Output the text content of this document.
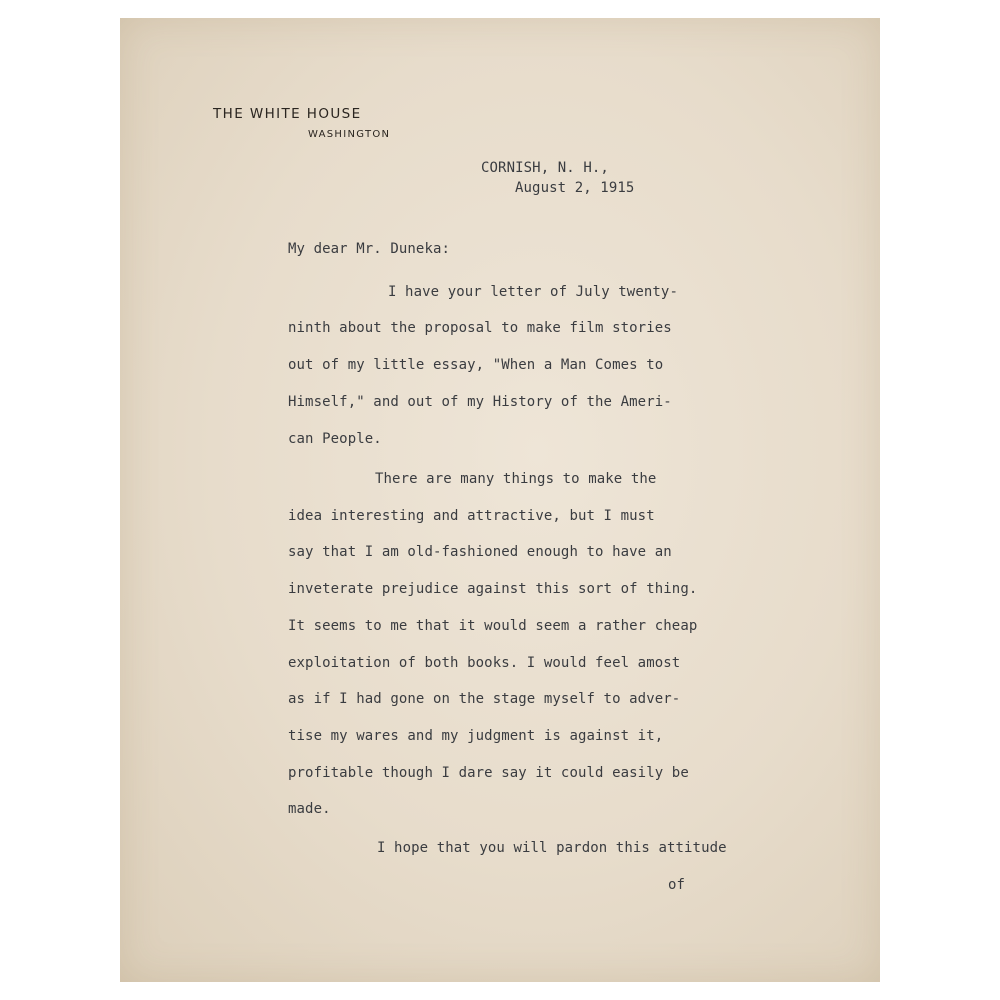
THE WHITE HOUSE
WASHINGTON
CORNISH, N. H.,
August 2, 1915
My dear Mr. Duneka:
I have your letter of July twenty-
ninth about the proposal to make film stories
out of my little essay, "When a Man Comes to
Himself," and out of my History of the Ameri-
can People.
There are many things to make the
idea interesting and attractive, but I must
say that I am old-fashioned enough to have an
inveterate prejudice against this sort of thing.
It seems to me that it would seem a rather cheap
exploitation of both books. I would feel amost
as if I had gone on the stage myself to adver-
tise my wares and my judgment is against it,
profitable though I dare say it could easily be
made.
I hope that you will pardon this attitude
of
